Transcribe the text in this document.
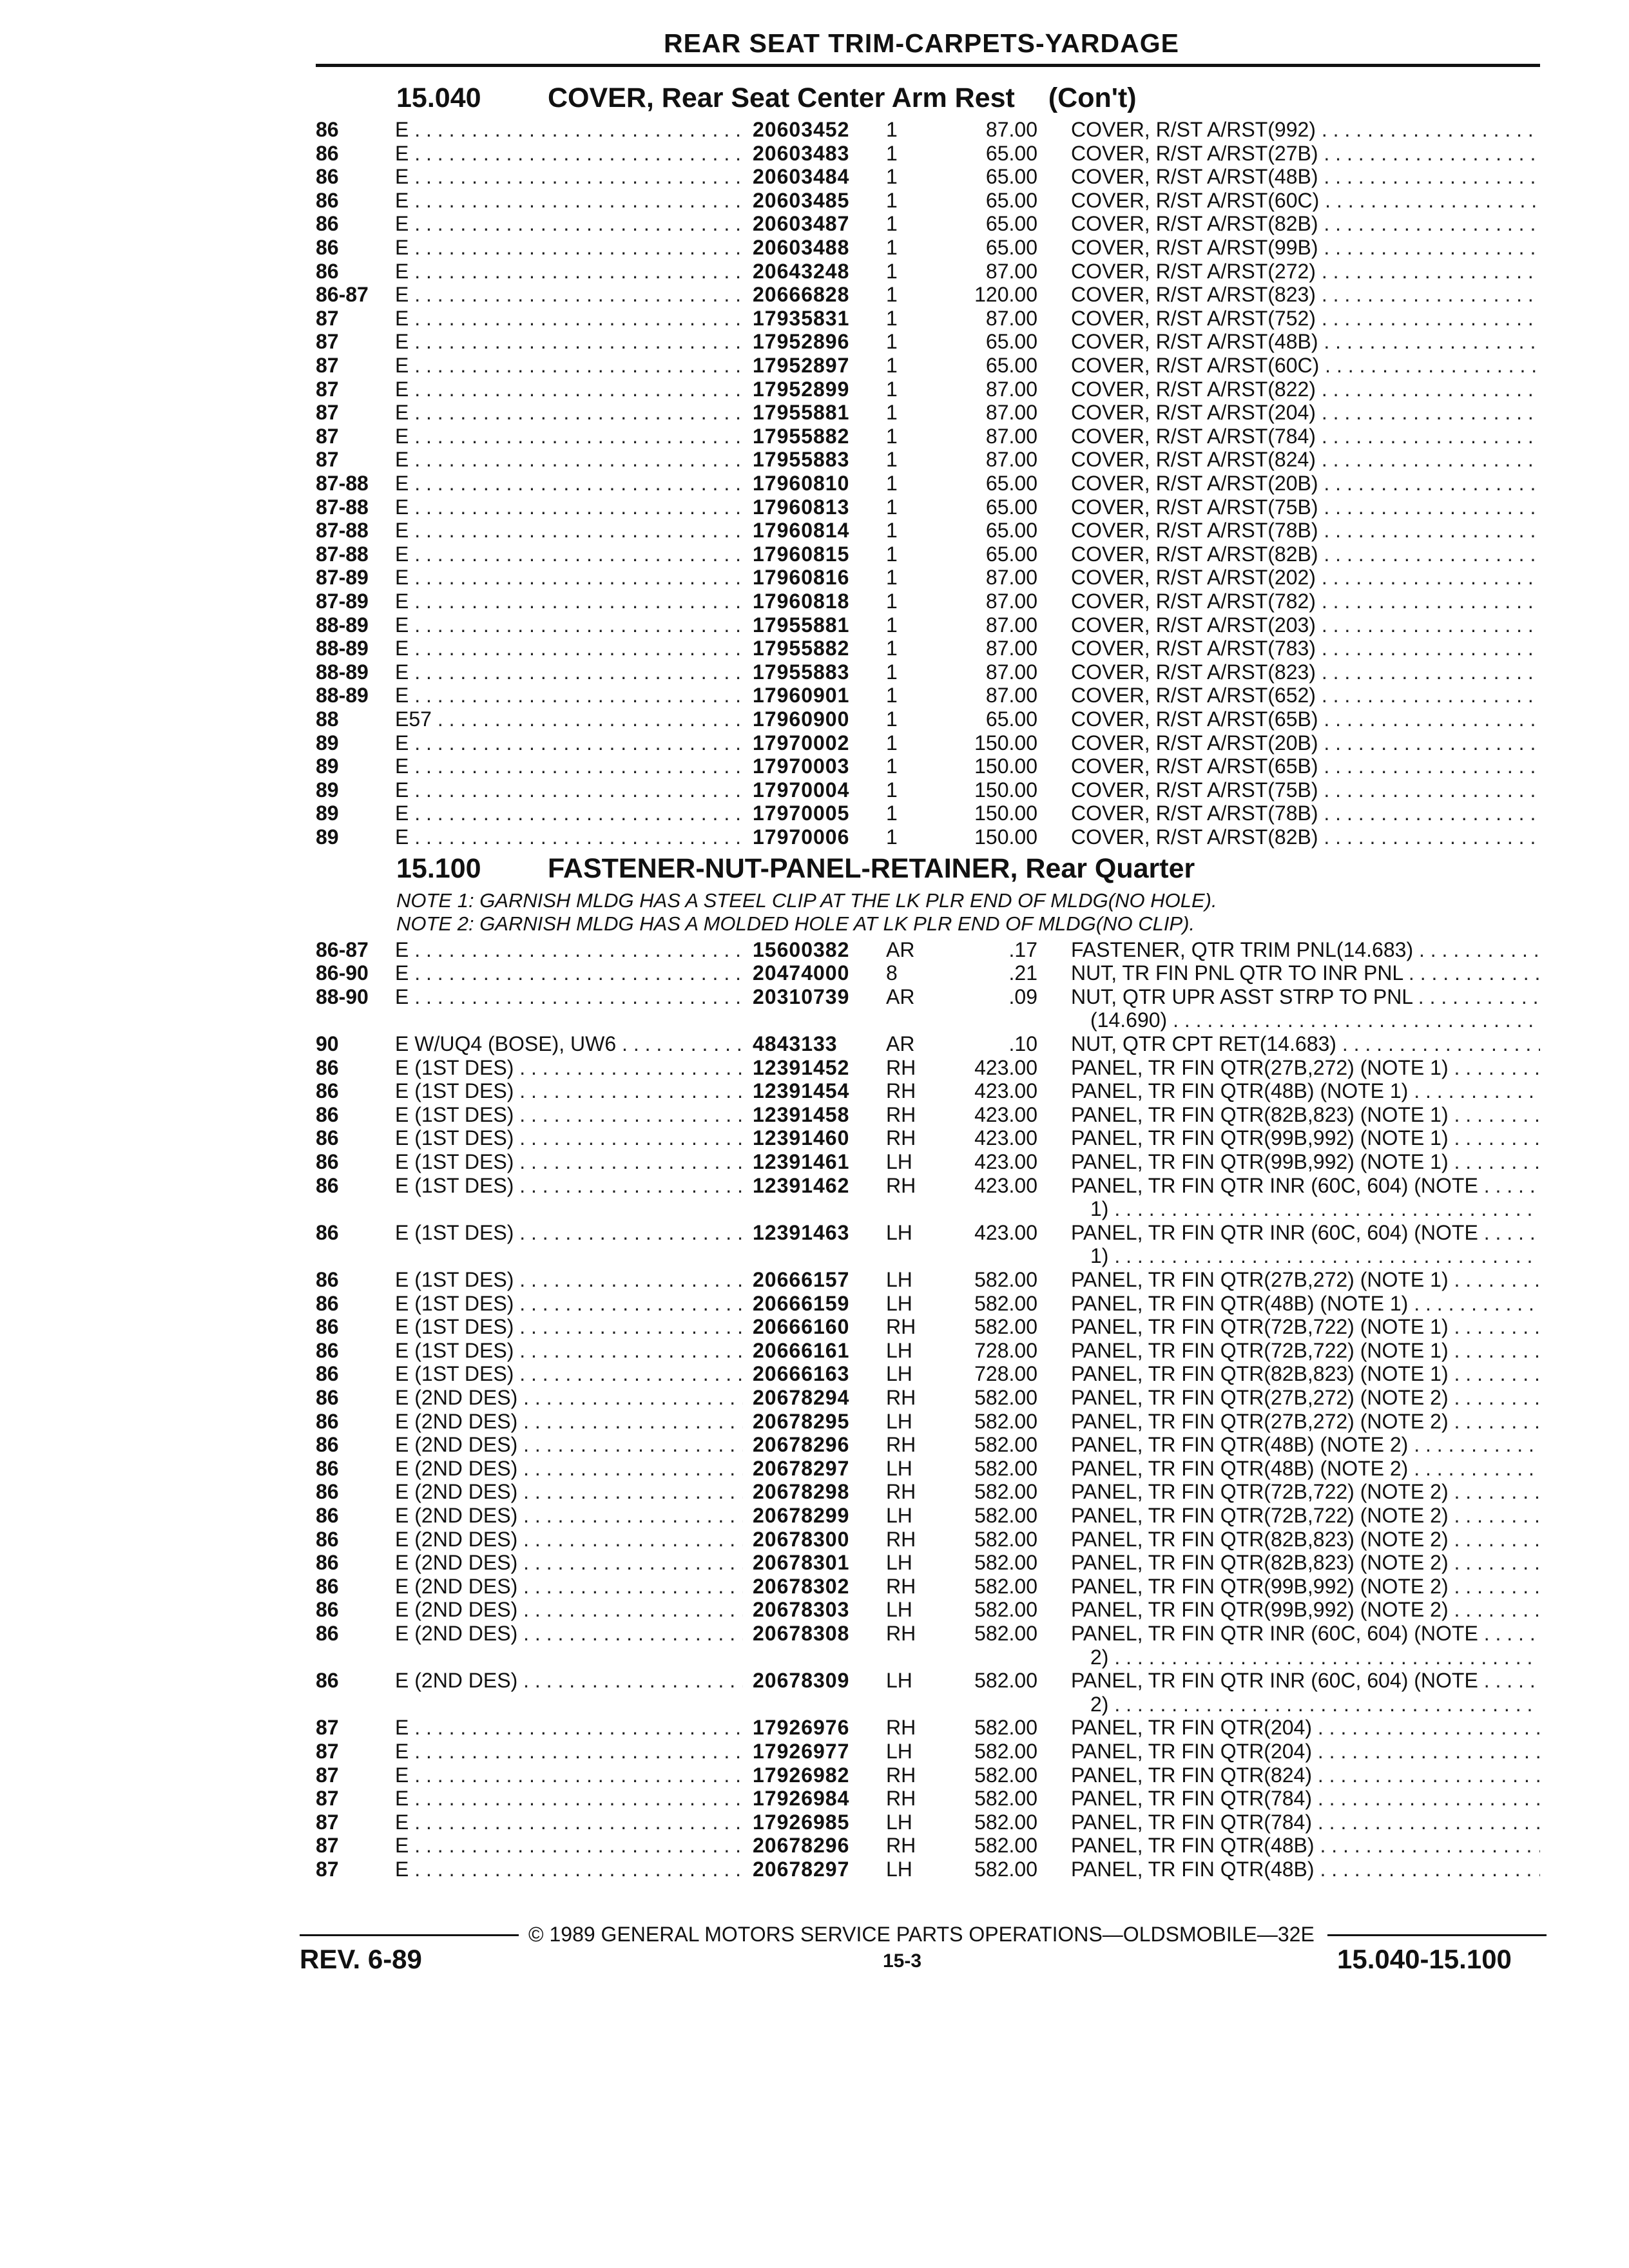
REAR SEAT TRIM-CARPETS-YARDAGE
15.040 COVER, Rear Seat Center Arm Rest (Con't)
86	E . . .	20603452 1	87.00 COVER, R/ST A/RST(992) . . .
86	E . . .	20603483 1	65.00 COVER, R/ST A/RST(27B) . . .
86	E . . .	20603484 1	65.00 COVER, R/ST A/RST(48B) . . .
86	E . . .	20603485 1	65.00 COVER, R/ST A/RST(60C) . . .
86	E . . .	20603487 1	65.00 COVER, R/ST A/RST(82B) . . .
86	E . . .	20603488 1	65.00 COVER, R/ST A/RST(99B) . . .
86	E . . .	20643248 1	87.00 COVER, R/ST A/RST(272) . . .
86-87 E . . .	20666828 1	120.00 COVER, R/ST A/RST(823) . . .
87	E . . .	17935831 1	87.00 COVER, R/ST A/RST(752) . . .
87	E . . .	17952896 1	65.00 COVER, R/ST A/RST(48B) . . .
87	E . . .	17952897 1	65.00 COVER, R/ST A/RST(60C) . . .
87	E . . .	17952899 1	87.00 COVER, R/ST A/RST(822) . . .
87	E . . .	17955881 1	87.00 COVER, R/ST A/RST(204) . . .
87	E . . .	17955882 1	87.00 COVER, R/ST A/RST(784) . . .
87	E . . .	17955883 1	87.00 COVER, R/ST A/RST(824) . . .
87-88 E . . .	17960810 1	65.00 COVER, R/ST A/RST(20B) . . .
87-88 E . . .	17960813 1	65.00 COVER, R/ST A/RST(75B) . . .
87-88 E . . .	17960814 1	65.00 COVER, R/ST A/RST(78B) . . .
87-88 E . . .	17960815 1	65.00 COVER, R/ST A/RST(82B) . . .
87-89 E . . .	17960816 1	87.00 COVER, R/ST A/RST(202) . . .
87-89 E . . .	17960818 1	87.00 COVER, R/ST A/RST(782) . . .
88-89 E . . .	17955881 1	87.00 COVER, R/ST A/RST(203) . . .
88-89 E . . .	17955882 1	87.00 COVER, R/ST A/RST(783) . . .
88-89 E . . .	17955883 1	87.00 COVER, R/ST A/RST(823) . . .
88-89 E . . .	17960901 1	87.00 COVER, R/ST A/RST(652) . . .
88	E57 . . .	17960900 1	65.00 COVER, R/ST A/RST(65B) . . .
89	E . . .	17970002 1	150.00 COVER, R/ST A/RST(20B) . . .
89	E . . .	17970003 1	150.00 COVER, R/ST A/RST(65B) . . .
89	E . . .	17970004 1	150.00 COVER, R/ST A/RST(75B) . . .
89	E . . .	17970005 1	150.00 COVER, R/ST A/RST(78B) . . .
89	E . . .	17970006 1	150.00 COVER, R/ST A/RST(82B) . . .
15.100 FASTENER-NUT-PANEL-RETAINER, Rear Quarter
NOTE 1: GARNISH MLDG HAS A STEEL CLIP AT THE LK PLR END OF MLDG(NO HOLE).
NOTE 2: GARNISH MLDG HAS A MOLDED HOLE AT LK PLR END OF MLDG(NO CLIP).
86-87 E . . .	15600382 AR	.17 FASTENER, QTR TRIM PNL(14.683) . . .
86-90 E . . .	20474000 8	.21 NUT, TR FIN PNL QTR TO INR PNL . . .
88-90 E . . .	20310739 AR	.09 NUT, QTR UPR ASST STRP TO PNL . . .
(14.690) . . .
90	E W/UQ4 (BOSE), UW6 . . .	4843133 AR	.10 NUT, QTR CPT RET(14.683) . . .
86	E (1ST DES) . . .	12391452 RH	423.00 PANEL, TR FIN QTR(27B,272) (NOTE 1) . . .
86	E (1ST DES) . . .	12391454 RH	423.00 PANEL, TR FIN QTR(48B) (NOTE 1) . . .
86	E (1ST DES) . . .	12391458 RH	423.00 PANEL, TR FIN QTR(82B,823) (NOTE 1) . . .
86	E (1ST DES) . . .	12391460 RH	423.00 PANEL, TR FIN QTR(99B,992) (NOTE 1) . . .
86	E (1ST DES) . . .	12391461 LH	423.00 PANEL, TR FIN QTR(99B,992) (NOTE 1) . . .
86	E (1ST DES) . . .	12391462 RH	423.00 PANEL, TR FIN QTR INR (60C, 604) (NOTE . . .
1) . . .
86	E (1ST DES) . . .	12391463 LH	423.00 PANEL, TR FIN QTR INR (60C, 604) (NOTE . . .
1) . . .
86	E (1ST DES) . . .	20666157 LH	582.00 PANEL, TR FIN QTR(27B,272) (NOTE 1) . . .
86	E (1ST DES) . . .	20666159 LH	582.00 PANEL, TR FIN QTR(48B) (NOTE 1) . . .
86	E (1ST DES) . . .	20666160 RH	582.00 PANEL, TR FIN QTR(72B,722) (NOTE 1) . . .
86	E (1ST DES) . . .	20666161 LH	728.00 PANEL, TR FIN QTR(72B,722) (NOTE 1) . . .
86	E (1ST DES) . . .	20666163 LH	728.00 PANEL, TR FIN QTR(82B,823) (NOTE 1) . . .
86	E (2ND DES) . . .	20678294 RH	582.00 PANEL, TR FIN QTR(27B,272) (NOTE 2) . . .
86	E (2ND DES) . . .	20678295 LH	582.00 PANEL, TR FIN QTR(27B,272) (NOTE 2) . . .
86	E (2ND DES) . . .	20678296 RH	582.00 PANEL, TR FIN QTR(48B) (NOTE 2) . . .
86	E (2ND DES) . . .	20678297 LH	582.00 PANEL, TR FIN QTR(48B) (NOTE 2) . . .
86	E (2ND DES) . . .	20678298 RH	582.00 PANEL, TR FIN QTR(72B,722) (NOTE 2) . . .
86	E (2ND DES) . . .	20678299 LH	582.00 PANEL, TR FIN QTR(72B,722) (NOTE 2) . . .
86	E (2ND DES) . . .	20678300 RH	582.00 PANEL, TR FIN QTR(82B,823) (NOTE 2) . . .
86	E (2ND DES) . . .	20678301 LH	582.00 PANEL, TR FIN QTR(82B,823) (NOTE 2) . . .
86	E (2ND DES) . . .	20678302 RH	582.00 PANEL, TR FIN QTR(99B,992) (NOTE 2) . . .
86	E (2ND DES) . . .	20678303 LH	582.00 PANEL, TR FIN QTR(99B,992) (NOTE 2) . . .
86	E (2ND DES) . . .	20678308 RH	582.00 PANEL, TR FIN QTR INR (60C, 604) (NOTE . . .
2) . . .
86	E (2ND DES) . . .	20678309 LH	582.00 PANEL, TR FIN QTR INR (60C, 604) (NOTE . . .
2) . . .
87	E . . .	17926976 RH	582.00 PANEL, TR FIN QTR(204) . . .
87	E . . .	17926977 LH	582.00 PANEL, TR FIN QTR(204) . . .
87	E . . .	17926982 RH	582.00 PANEL, TR FIN QTR(824) . . .
87	E . . .	17926984 RH	582.00 PANEL, TR FIN QTR(784) . . .
87	E . . .	17926985 LH	582.00 PANEL, TR FIN QTR(784) . . .
87	E . . .	20678296 RH	582.00 PANEL, TR FIN QTR(48B) . . .
87	E . . .	20678297 LH	582.00 PANEL, TR FIN QTR(48B) . . .
© 1989 GENERAL MOTORS SERVICE PARTS OPERATIONS—OLDSMOBILE—32E
REV. 6-89	15-3	15.040-15.100
